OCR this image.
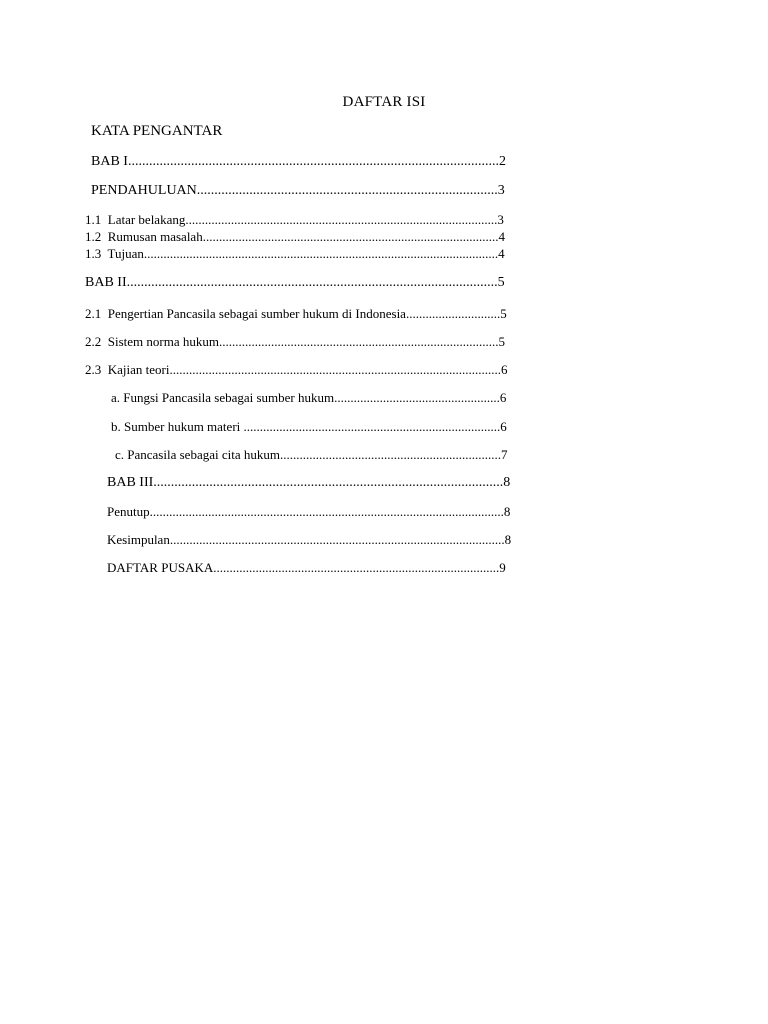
DAFTAR ISI
KATA PENGANTAR
BAB I..........................................................................................................2
PENDAHULUAN......................................................................................3
1.1  Latar belakang................................................................................................3
1.2  Rumusan masalah...........................................................................................4
1.3  Tujuan.............................................................................................................4
BAB II..........................................................................................................5
2.1  Pengertian Pancasila sebagai sumber hukum di Indonesia.............................5
2.2  Sistem norma hukum......................................................................................5
2.3  Kajian teori......................................................................................................6
a. Fungsi Pancasila sebagai sumber hukum...................................................6
b. Sumber hukum materi ...............................................................................6
c. Pancasila sebagai cita hukum....................................................................7
BAB III....................................................................................................8
Penutup.............................................................................................................8
Kesimpulan.......................................................................................................8
DAFTAR PUSAKA........................................................................................9
